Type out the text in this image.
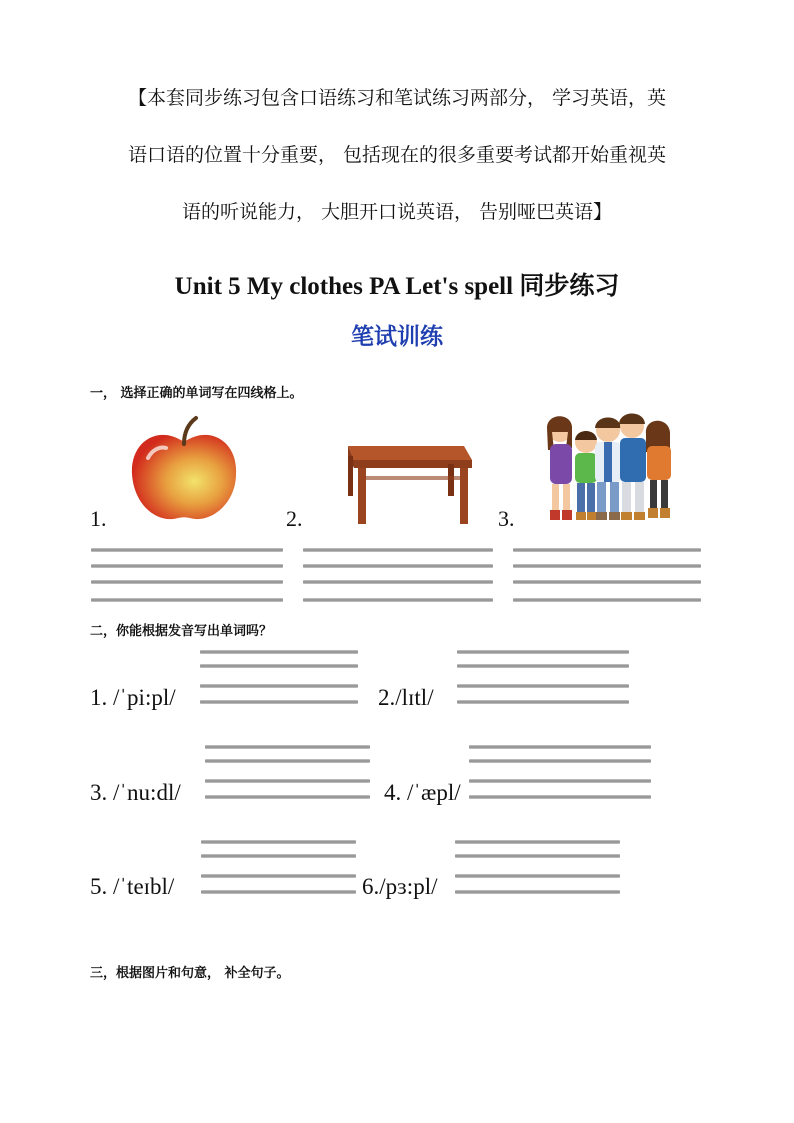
【本套同步练习包含口语练习和笔试练习两部分， 学习英语，英
语口语的位置十分重要， 包括现在的很多重要考试都开始重视英
语的听说能力， 大胆开口说英语， 告别哑巴英语】
Unit 5 My clothes PA Let's spell 同步练习
笔试训练
一， 选择正确的单词写在四线格上。
1.	2.	3.
二，你能根据发音写出单词吗？
1. /ˈpi:pl/	2./lɪtl/
3. /ˈnu:dl/	4. /ˈæpl/
5. /ˈteɪbl/	6./pɜ:pl/
三，根据图片和句意， 补全句子。
